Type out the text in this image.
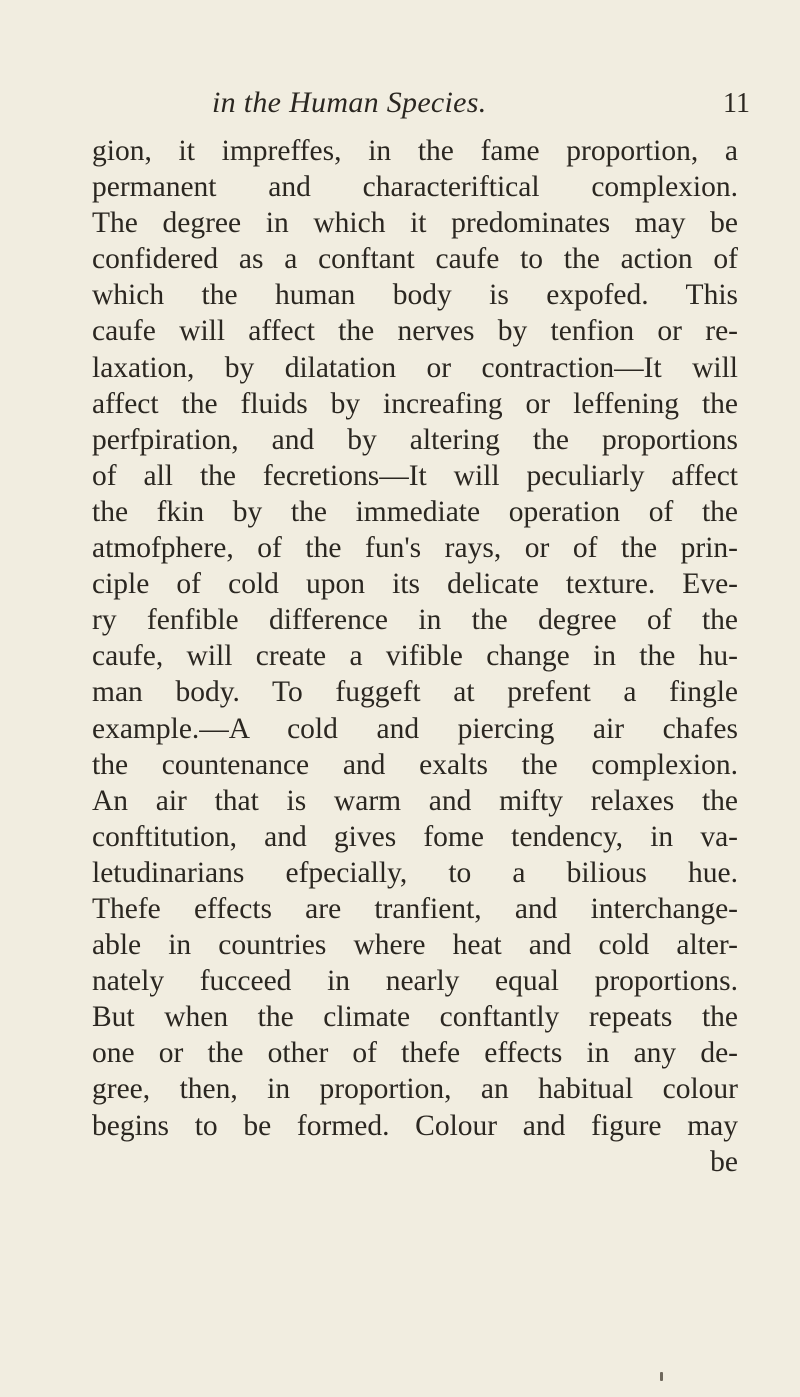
in the Human Species.	11
gion, it impreffes, in the fame proportion, a
permanent and characteriftical complexion.
The degree in which it predominates may be
confidered as a conftant caufe to the action of
which the human body is expofed. This
caufe will affect the nerves by tenfion or re-
laxation, by dilatation or contraction—It will
affect the fluids by increafing or leffening the
perfpiration, and by altering the proportions
of all the fecretions—It will peculiarly affect
the fkin by the immediate operation of the
atmofphere, of the fun's rays, or of the prin-
ciple of cold upon its delicate texture. Eve-
ry fenfible difference in the degree of the
caufe, will create a vifible change in the hu-
man body. To fuggeft at prefent a fingle
example.—A cold and piercing air chafes
the countenance and exalts the complexion.
An air that is warm and mifty relaxes the
conftitution, and gives fome tendency, in va-
letudinarians efpecially, to a bilious hue.
Thefe effects are tranfient, and interchange-
able in countries where heat and cold alter-
nately fucceed in nearly equal proportions.
But when the climate conftantly repeats the
one or the other of thefe effects in any de-
gree, then, in proportion, an habitual colour
begins to be formed. Colour and figure may
be
